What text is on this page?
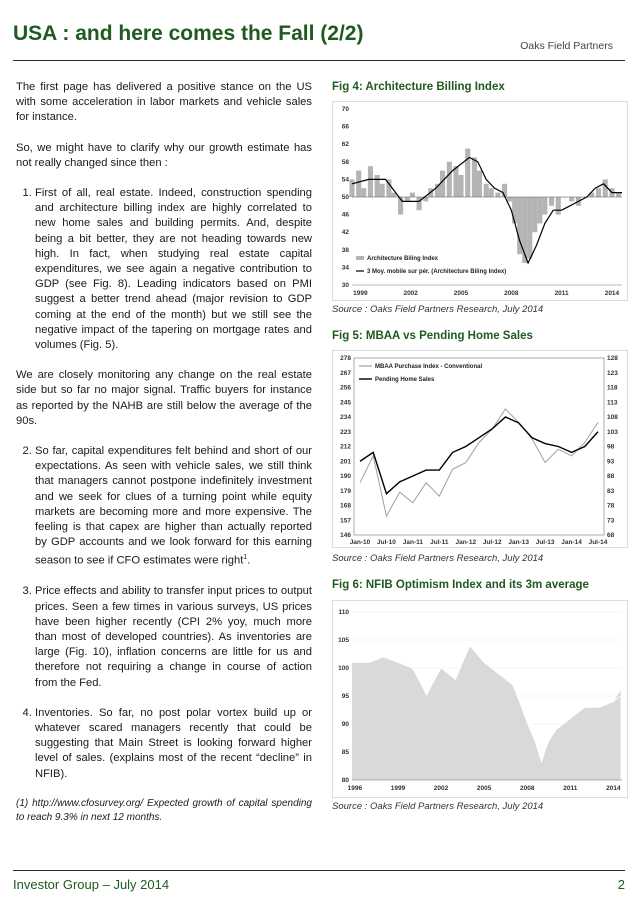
USA : and here comes the Fall (2/2)
Oaks Field Partners

The first page has delivered a positive stance on the US with some acceleration in labor markets and vehicle sales for instance.

So, we might have to clarify why our growth estimate has not really changed since then :

1. First of all, real estate. Indeed, construction spending and architecture billing index are highly correlated to new home sales and building permits. And, despite being a bit better, they are not heading towards new high. In fact, when studying real estate capital expenditures, we see again a negative contribution to GDP (see Fig. 8). Leading indicators based on PMI suggest a better trend ahead (major revision to GDP coming at the end of the month) but we still see the negative impact of the tapering on mortgage rates and volumes (Fig. 5).

We are closely monitoring any change on the real estate side but so far no major signal. Traffic buyers for instance as reported by the NAHB are still below the average of the 90s.

2. So far, capital expenditures felt behind and short of our expectations. As seen with vehicle sales, we still think that managers cannot postpone indefinitely investment and we seek for clues of a turning point while equity markets are becoming more and more expensive. The feeling is that capex are higher than actually reported by GDP accounts and we look forward for this earning season to see if CFO estimates were right$^1$.
3. Price effects and ability to transfer input prices to output prices. Seen a few times in various surveys, US prices have been higher recently (CPI 2% yoy, much more than most of developed countries). As inventories are large (Fig. 10), inflation concerns are little for us and therefore not requiring a change in course of action from the Fed.
4. Inventories. So far, no post polar vortex build up or whatever scared managers recently that could be suggesting that Main Street is looking forward higher level of sales. (explains most of the recent “decline” in NFIB).

(1) http://www.cfosurvey.org/ Expected growth of capital spending to reach 9.3% in next 12 months.

Fig 4: Architecture Billing Index
30
34
38
42
46
50
54
58
62
66
70
1999	2002	2005	2008	2011	2014
Architecture Biling Index
3 Moy. mobile sur pér. (Architecture Biling Index)
Source : Oaks Field Partners Research, July 2014
Fig 5: MBAA vs Pending Home Sales
146
157
168
179
190
201
212
223
234
245
256
267
278
68
73
78
83
88
93
98
103
108
113
118
123
128
Jan-10 Jul-10 Jan-11 Jul-11 Jan-12 Jul-12 Jan-13 Jul-13 Jan-14 Jul-14
MBAA Purchase Index - Conventional
Pending Home Sales
Source : Oaks Field Partners Research, July 2014
Fig 6: NFIB Optimism Index and its 3m average
80
85
90
95
100
105
110
1996	1999	2002	2005	2008	2011	2014
Source : Oaks Field Partners Research, July 2014
Investor Group – July 2014	2
